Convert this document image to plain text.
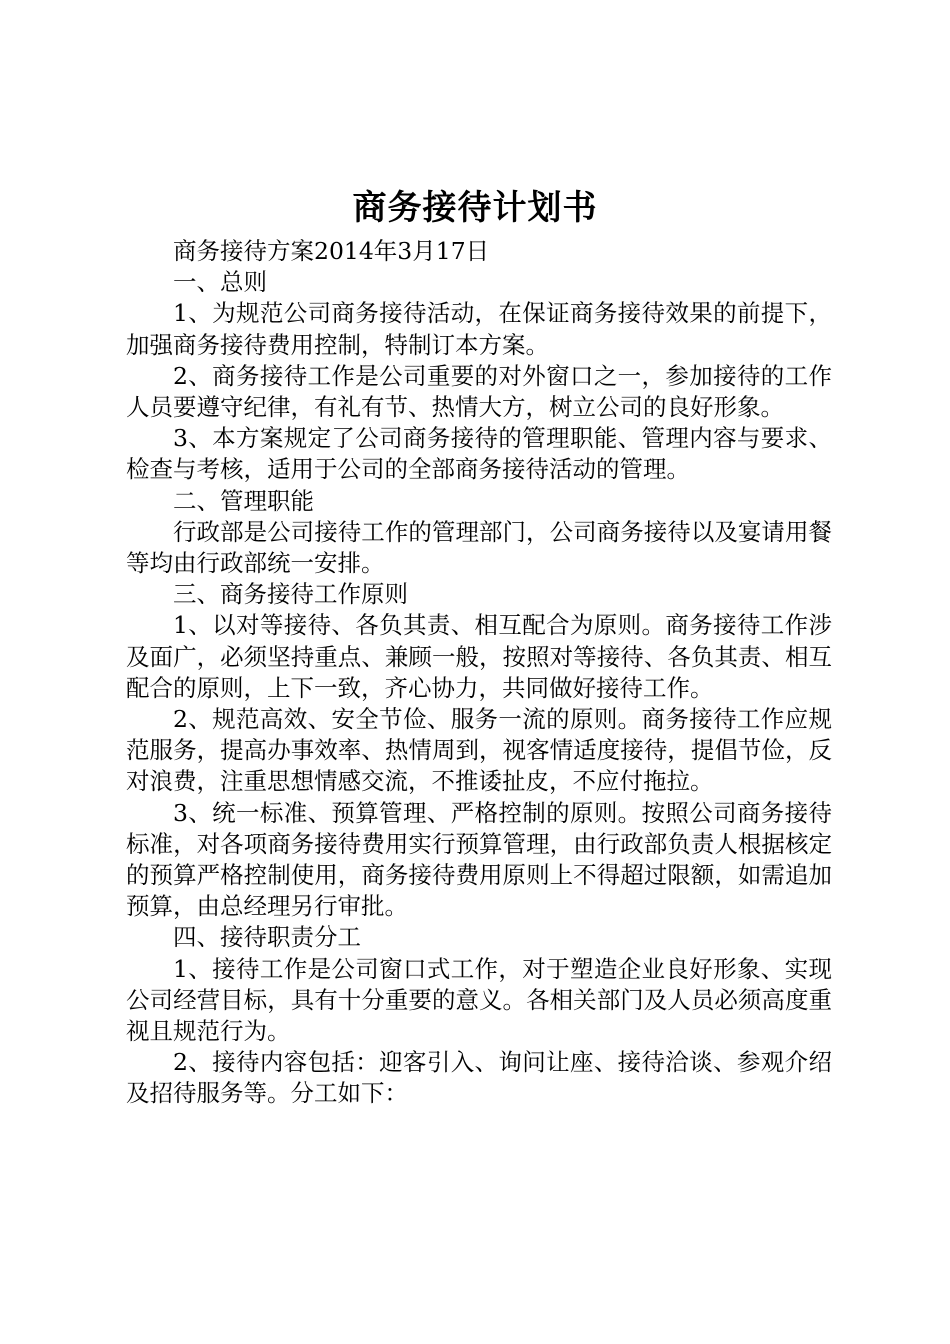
商务接待计划书

商务接待方案2014年3月17日

一、总则

1、为规范公司商务接待活动，在保证商务接待效果的前提下，加强商务接待费用控制，特制订本方案。

2、商务接待工作是公司重要的对外窗口之一，参加接待的工作人员要遵守纪律，有礼有节、热情大方，树立公司的良好形象。

3、本方案规定了公司商务接待的管理职能、管理内容与要求、检查与考核，适用于公司的全部商务接待活动的管理。

二、管理职能

行政部是公司接待工作的管理部门，公司商务接待以及宴请用餐等均由行政部统一安排。

三、商务接待工作原则

1、以对等接待、各负其责、相互配合为原则。商务接待工作涉及面广，必须坚持重点、兼顾一般，按照对等接待、各负其责、相互配合的原则，上下一致，齐心协力，共同做好接待工作。

2、规范高效、安全节俭、服务一流的原则。商务接待工作应规范服务，提高办事效率、热情周到，视客情适度接待，提倡节俭，反对浪费，注重思想情感交流，不推诿扯皮，不应付拖拉。

3、统一标准、预算管理、严格控制的原则。按照公司商务接待标准，对各项商务接待费用实行预算管理，由行政部负责人根据核定的预算严格控制使用，商务接待费用原则上不得超过限额，如需追加预算，由总经理另行审批。

四、接待职责分工

1、接待工作是公司窗口式工作，对于塑造企业良好形象、实现公司经营目标，具有十分重要的意义。各相关部门及人员必须高度重视且规范行为。

2、接待内容包括：迎客引入、询问让座、接待洽谈、参观介绍及招待服务等。分工如下：
